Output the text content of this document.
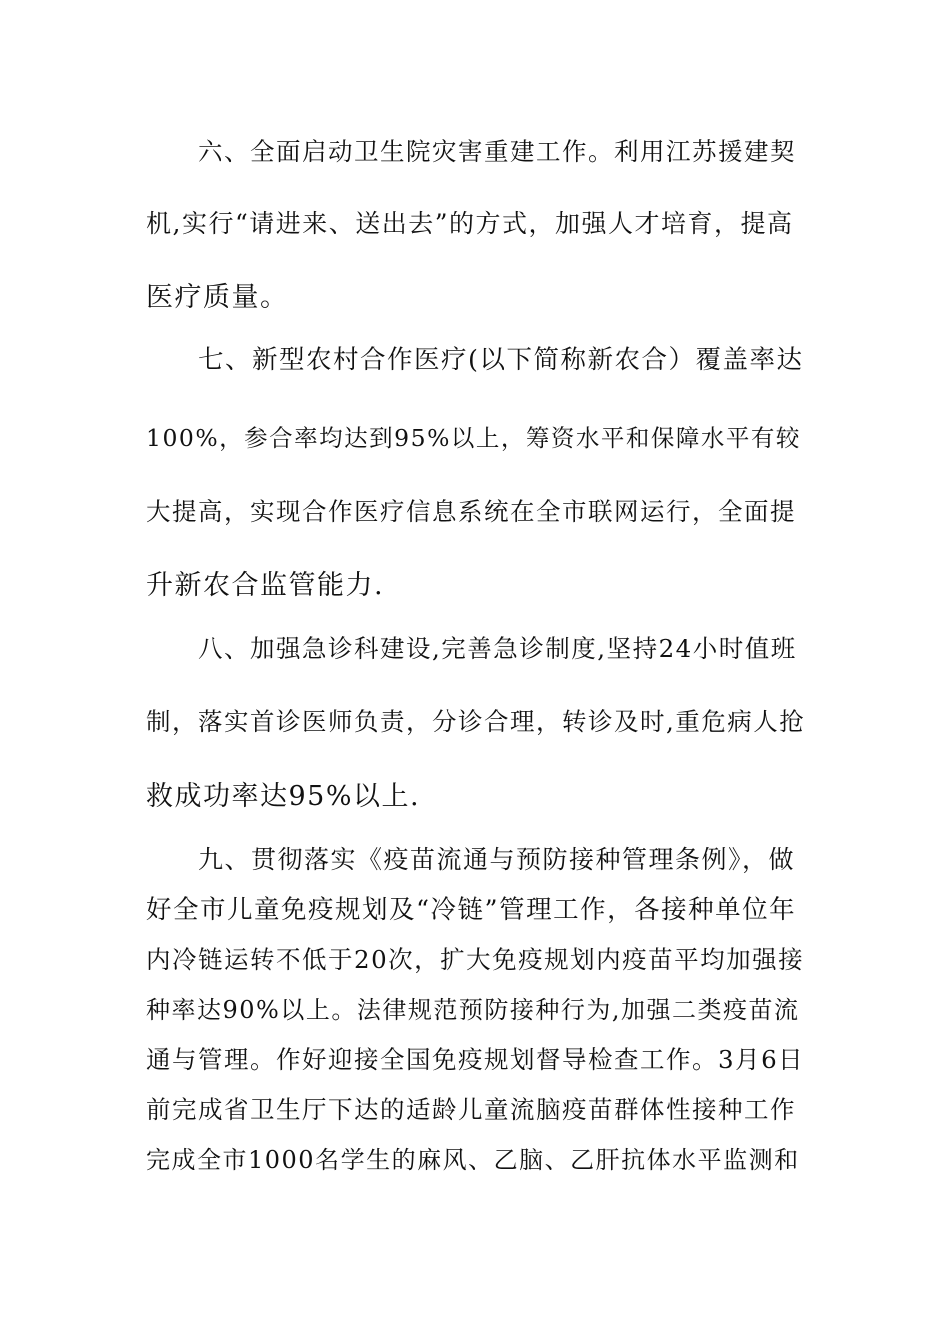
六、全面启动卫生院灾害重建工作。利用江苏援建契
机,实行“请进来、送出去”的方式，加强人才培育，提高
医疗质量。
七、新型农村合作医疗(以下简称新农合）覆盖率达
100%，参合率均达到95%以上，筹资水平和保障水平有较
大提高，实现合作医疗信息系统在全市联网运行，全面提
升新农合监管能力.
八、加强急诊科建设,完善急诊制度,坚持24小时值班
制，落实首诊医师负责，分诊合理，转诊及时,重危病人抢
救成功率达95%以上.
九、贯彻落实《疫苗流通与预防接种管理条例》，做
好全市儿童免疫规划及“冷链”管理工作，各接种单位年
内冷链运转不低于20次，扩大免疫规划内疫苗平均加强接
种率达90%以上。法律规范预防接种行为,加强二类疫苗流
通与管理。作好迎接全国免疫规划督导检查工作。3月6日
前完成省卫生厅下达的适龄儿童流脑疫苗群体性接种工作
完成全市1000名学生的麻风、乙脑、乙肝抗体水平监测和
